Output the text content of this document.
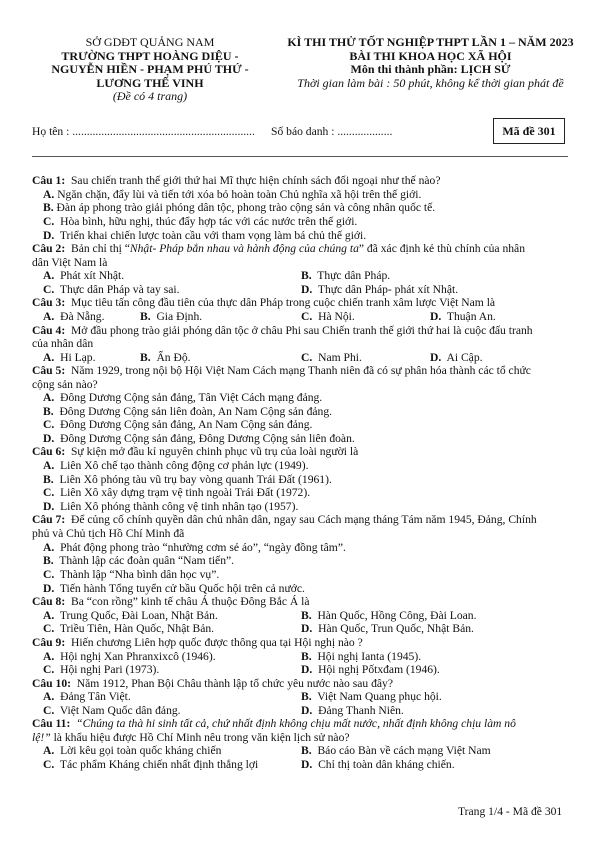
SỞ GDĐT QUẢNG NAM
TRƯỜNG THPT HOÀNG DIỆU -
NGUYỄN HIỀN - PHẠM PHÚ THỨ -
LƯƠNG THẾ VINH
(Đề có 4 trang)
KÌ THI THỬ TỐT NGHIỆP THPT LẦN 1 – NĂM 2023
BÀI THI KHOA HỌC XÃ HỘI
Môn thi thành phần: LỊCH SỬ
Thời gian làm bài : 50 phút, không kể thời gian phát đề
Họ tên : ............................................................... Số báo danh : ...................	Mã đề 301
Câu 1: Sau chiến tranh thế giới thứ hai Mĩ thực hiện chính sách đối ngoại như thế nào?
A. Ngăn chặn, đẩy lùi và tiến tới xóa bỏ hoàn toàn Chủ nghĩa xã hội trên thế giới.
B. Đàn áp phong trào giải phóng dân tộc, phong trào cộng sản và công nhân quốc tế.
C. Hòa bình, hữu nghị, thúc đẩy hợp tác với các nước trên thế giới.
D. Triển khai chiến lược toàn cầu với tham vọng làm bá chủ thế giới.
Câu 2: Bản chỉ thị “Nhật- Pháp bắn nhau và hành động của chúng ta” đã xác định kẻ thù chính của nhân
dân Việt Nam là
A. Phát xít Nhật.	B. Thực dân Pháp.
C. Thực dân Pháp và tay sai.	D. Thực dân Pháp- phát xít Nhật.
Câu 3: Mục tiêu tấn công đầu tiên của thực dân Pháp trong cuộc chiến tranh xâm lược Việt Nam là
A. Đà Nẵng.	B. Gia Định.	C. Hà Nội.	D. Thuận An.
Câu 4: Mở đầu phong trào giải phóng dân tộc ở châu Phi sau Chiến tranh thế giới thứ hai là cuộc đấu tranh
của nhân dân
A. Hi Lạp.	B. Ấn Độ.	C. Nam Phi.	D. Ai Cập.
Câu 5: Năm 1929, trong nội bộ Hội Việt Nam Cách mạng Thanh niên đã có sự phân hóa thành các tổ chức
cộng sản nào?
A. Đông Dương Cộng sản đảng, Tân Việt Cách mạng đảng.
B. Đông Dương Cộng sản liên đoàn, An Nam Cộng sản đảng.
C. Đông Dương Cộng sản đảng, An Nam Cộng sản đảng.
D. Đông Dương Cộng sản đảng, Đông Dương Cộng sản liên đoàn.
Câu 6: Sự kiện mở đầu kỉ nguyên chinh phục vũ trụ của loài người là
A. Liên Xô chế tạo thành công động cơ phản lực (1949).
B. Liên Xô phóng tàu vũ trụ bay vòng quanh Trái Đất (1961).
C. Liên Xô xây dựng trạm vệ tinh ngoài Trái Đất (1972).
D. Liên Xô phóng thành công vệ tinh nhân tạo (1957).
Câu 7: Để củng cố chính quyền dân chủ nhân dân, ngay sau Cách mạng tháng Tám năm 1945, Đảng, Chính
phủ và Chủ tịch Hồ Chí Minh đã
A. Phát động phong trào “nhường cơm sẻ áo”, “ngày đồng tâm”.
B. Thành lập các đoàn quân “Nam tiến”.
C. Thành lập “Nha bình dân học vụ”.
D. Tiến hành Tổng tuyển cử bầu Quốc hội trên cả nước.
Câu 8: Ba “con rồng” kinh tế châu Á thuộc Đông Bắc Á là
A. Trung Quốc, Đài Loan, Nhật Bản.	B. Hàn Quốc, Hồng Công, Đài Loan.
C. Triều Tiên, Hàn Quốc, Nhật Bản.	D. Hàn Quốc, Trun Quốc, Nhật Bản.
Câu 9: Hiến chương Liên hợp quốc được thông qua tại Hội nghị nào ?
A. Hội nghị Xan Phranxixcô (1946).	B. Hội nghị Ianta (1945).
C. Hội nghị Pari (1973).	D. Hội nghị Pốtxđam (1946).
Câu 10: Năm 1912, Phan Bội Châu thành lập tổ chức yêu nước nào sau đây?
A. Đảng Tân Việt.	B. Việt Nam Quang phục hội.
C. Việt Nam Quốc dân đảng.	D. Đảng Thanh Niên.
Câu 11: “Chúng ta thà hi sinh tất cả, chứ nhất định không chịu mất nước, nhất định không chịu làm nô
lệ!” là khẩu hiệu được Hồ Chí Minh nêu trong văn kiện lịch sử nào?
A. Lời kêu gọi toàn quốc kháng chiến	B. Báo cáo Bàn về cách mạng Việt Nam
C. Tác phẩm Kháng chiến nhất định thắng lợi	D. Chỉ thị toàn dân kháng chiến.
Trang 1/4 - Mã đề 301
